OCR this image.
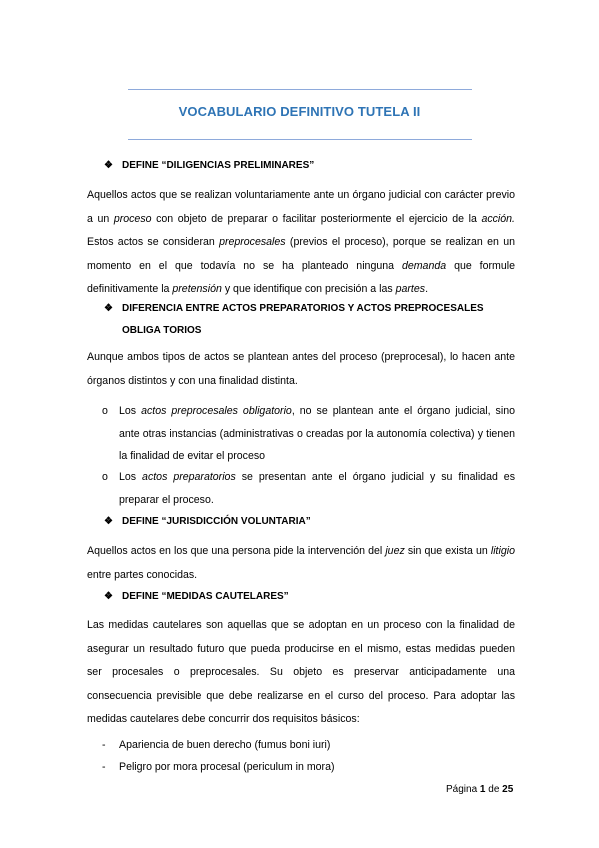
VOCABULARIO DEFINITIVO TUTELA II
❖ DEFINE “DILIGENCIAS PRELIMINARES”

Aquellos actos que se realizan voluntariamente ante un órgano judicial con carácter previo a un proceso con objeto de preparar o facilitar posteriormente el ejercicio de la acción. Estos actos se consideran preprocesales (previos el proceso), porque se realizan en un momento en el que todavía no se ha planteado ninguna demanda que formule definitivamente la pretensión y que identifique con precisión a las partes.

❖ DIFERENCIA ENTRE ACTOS PREPARATORIOS Y ACTOS PREPROCESALES OBLIGA TORIOS

Aunque ambos tipos de actos se plantean antes del proceso (preprocesal), lo hacen ante órganos distintos y con una finalidad distinta.

o Los actos preprocesales obligatorio, no se plantean ante el órgano judicial, sino ante otras instancias (administrativas o creadas por la autonomía colectiva) y tienen la finalidad de evitar el proceso
o Los actos preparatorios se presentan ante el órgano judicial y su finalidad es preparar el proceso.
❖ DEFINE “JURISDICCIÓN VOLUNTARIA”

Aquellos actos en los que una persona pide la intervención del juez sin que exista un litigio entre partes conocidas.

❖ DEFINE “MEDIDAS CAUTELARES”

Las medidas cautelares son aquellas que se adoptan en un proceso con la finalidad de asegurar un resultado futuro que pueda producirse en el mismo, estas medidas pueden ser procesales o preprocesales. Su objeto es preservar anticipadamente una consecuencia previsible que debe realizarse en el curso del proceso. Para adoptar las medidas cautelares debe concurrir dos requisitos básicos:

- Apariencia de buen derecho (fumus boni iuri)
- Peligro por mora procesal (periculum in mora)
Página 1 de 25
